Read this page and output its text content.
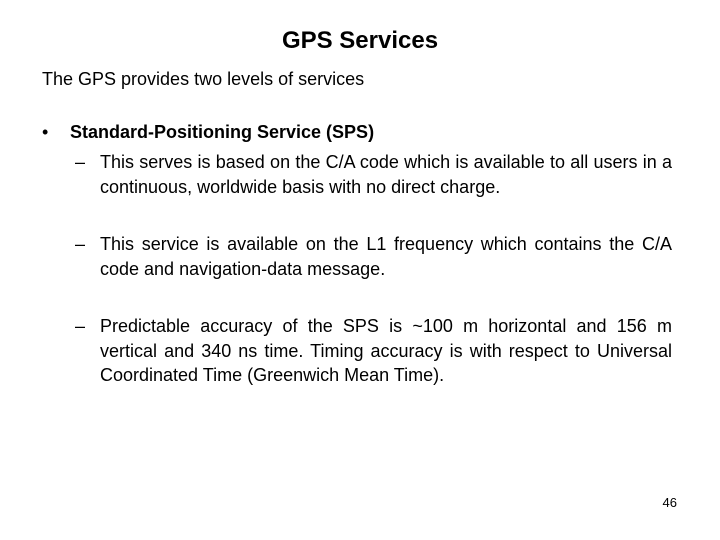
GPS Services
The GPS provides two levels of services
• Standard-Positioning Service (SPS)
– This serves is based on the C/A code which is available to all users in a continuous, worldwide basis with no direct charge.
– This service is available on the L1 frequency which contains the C/A code and navigation-data message.
– Predictable accuracy of the SPS is ~100 m horizontal and 156 m vertical and 340 ns time. Timing accuracy is with respect to Universal Coordinated Time (Greenwich Mean Time).
46
